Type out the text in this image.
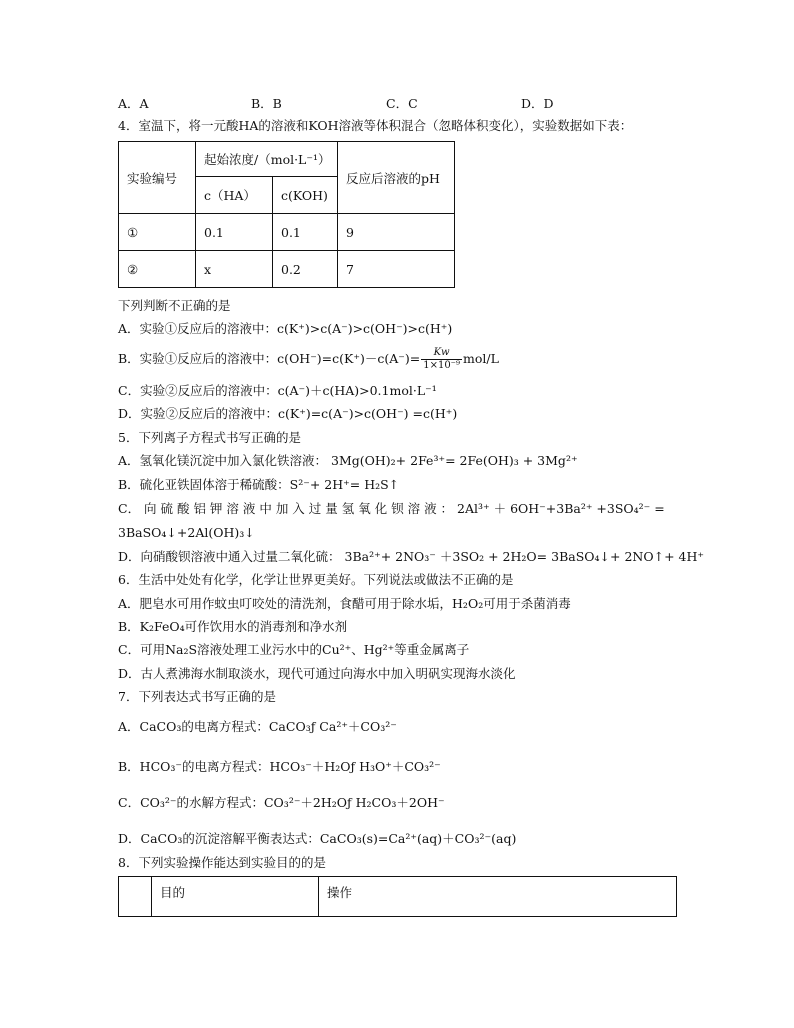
A．A	B．B	C．C	D．D
4．室温下，将一元酸HA的溶液和KOH溶液等体积混合（忽略体积变化），实验数据如下表：
实验编号	起始浓度/（mol·L⁻¹）		反应后溶液的pH
	c（HA）	c(KOH)	
①	0.1	0.1	9
②	x	0.2	7
下列判断不正确的是
A．实验①反应后的溶液中：c(K⁺)>c(A⁻)>c(OH⁻)>c(H⁺)
B．实验①反应后的溶液中：$c(OH^-)=c(K^+)-c(A^-)= \frac{Kw}{\text{1×10⁻⁹}} mol/L$
C．实验②反应后的溶液中：c(A⁻)＋c(HA)>0.1mol·L⁻¹
D．实验②反应后的溶液中：c(K⁺)=c(A⁻)>c(OH⁻) =c(H⁺)
5．下列离子方程式书写正确的是
A．氢氧化镁沉淀中加入氯化铁溶液： 3Mg(OH)₂+ 2Fe³⁺= 2Fe(OH)₃ + 3Mg²⁺
B．硫化亚铁固体溶于稀硫酸：S²⁻+ 2H⁺= H₂S↑
C． 向 硫 酸 铝 钾 溶 液 中 加 入 过 量 氢 氧 化 钡 溶 液 ： 2Al³⁺ ＋ 6OH⁻+3Ba²⁺ +3SO₄²⁻ =
3BaSO₄↓+2Al(OH)₃↓
D．向硝酸钡溶液中通入过量二氧化硫： 3Ba²⁺+ 2NO₃⁻ ＋3SO₂ + 2H₂O= 3BaSO₄↓+ 2NO↑+ 4H⁺
6．生活中处处有化学，化学让世界更美好。下列说法或做法不正确的是
A．肥皂水可用作蚊虫叮咬处的清洗剂，食醋可用于除水垢，H₂O₂可用于杀菌消毒
B．K₂FeO₄可作饮用水的消毒剂和净水剂
C．可用Na₂S溶液处理工业污水中的Cu²⁺、Hg²⁺等重金属离子
D．古人煮沸海水制取淡水，现代可通过向海水中加入明矾实现海水淡化
7．下列表达式书写正确的是
A．CaCO₃的电离方程式：CaCO₃ƒ Ca²⁺＋CO₃²⁻
B．HCO₃⁻的电离方程式：HCO₃⁻＋H₂Oƒ H₃O⁺＋CO₃²⁻
C．CO₃²⁻的水解方程式：CO₃²⁻＋2H₂Oƒ H₂CO₃＋2OH⁻
D．CaCO₃的沉淀溶解平衡表达式：CaCO₃(s)=Ca²⁺(aq)＋CO₃²⁻(aq)
8．下列实验操作能达到实验目的的是
	目的	操作
